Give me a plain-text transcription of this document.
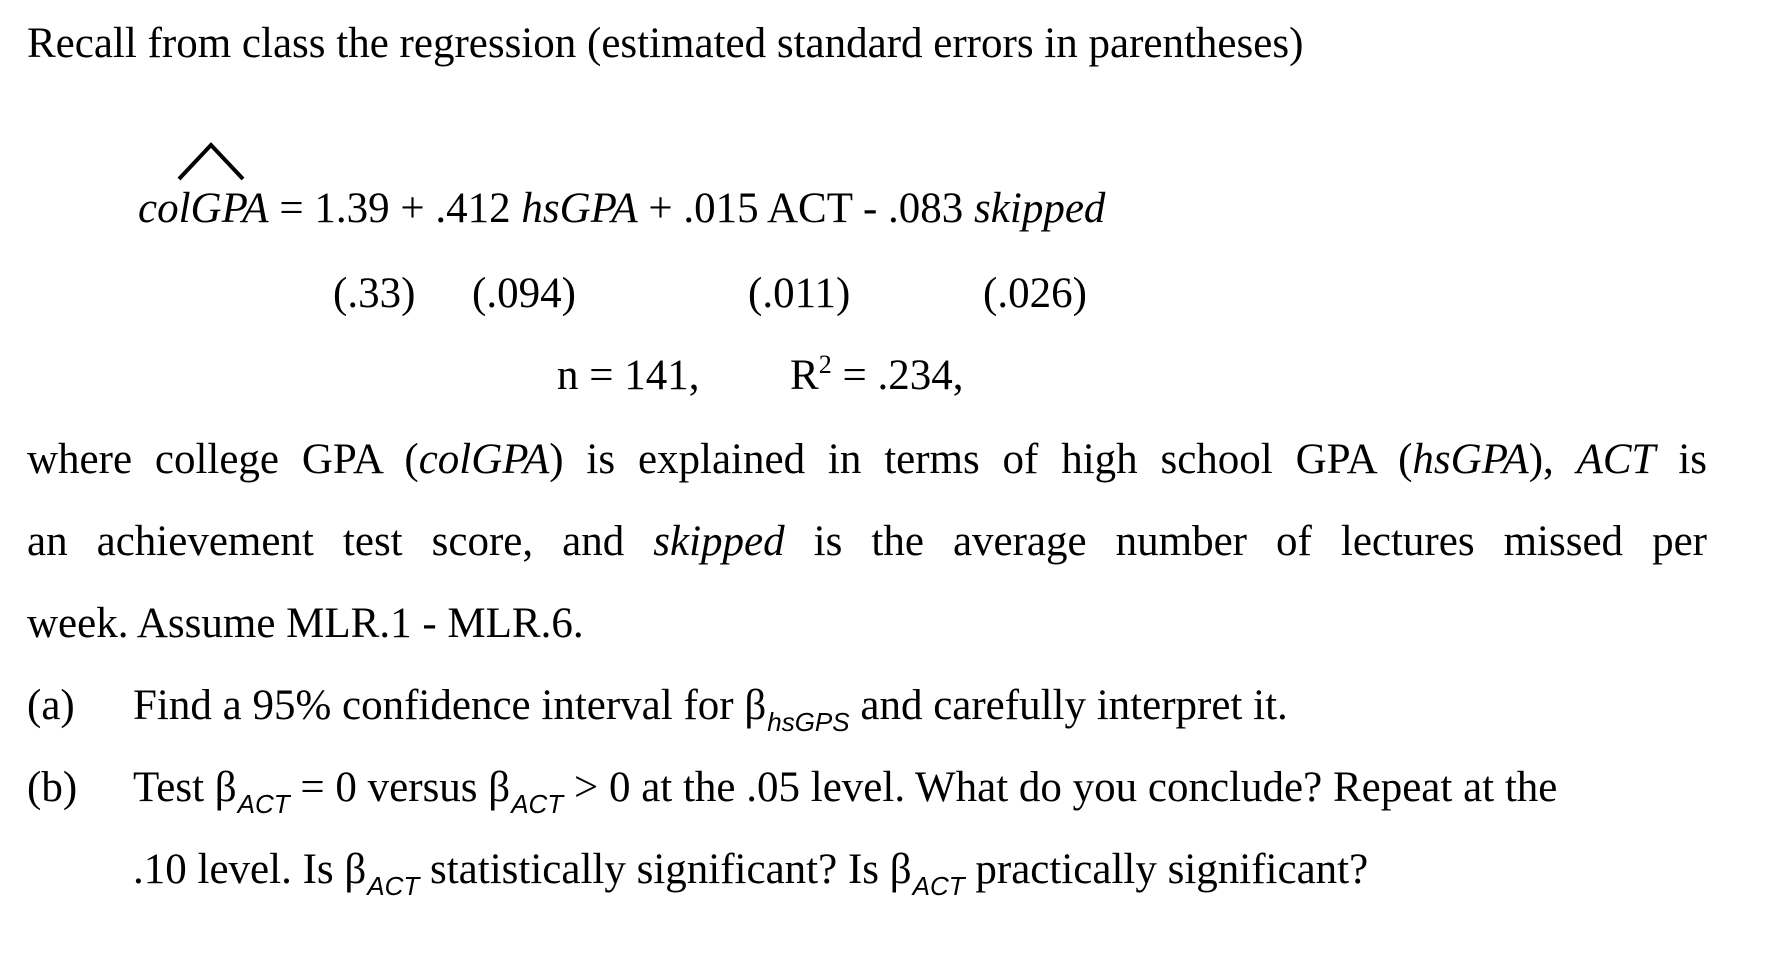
Recall from class the regression (estimated standard errors in parentheses)
colGPA = 1.39 + .412 hsGPA + .015 ACT - .083 skipped
(.33) (.094)	(.011)	(.026)
n = 141, $R^2 = .234$,
where college GPA (colGPA) is explained in terms of high school GPA (hsGPA), ACT is
an achievement test score, and skipped is the average number of lectures missed per
week. Assume MLR.1 - MLR.6.
(a) Find a 95% confidence interval for $\beta_{hsGPS}$ and carefully interpret it.
(b) Test $\beta_{ACT} = 0$ versus $\beta_{ACT} > 0$ at the .05 level. What do you conclude? Repeat at the
.10 level. Is $\beta_{ACT}$ statistically significant? Is $\beta_{ACT}$ practically significant?
